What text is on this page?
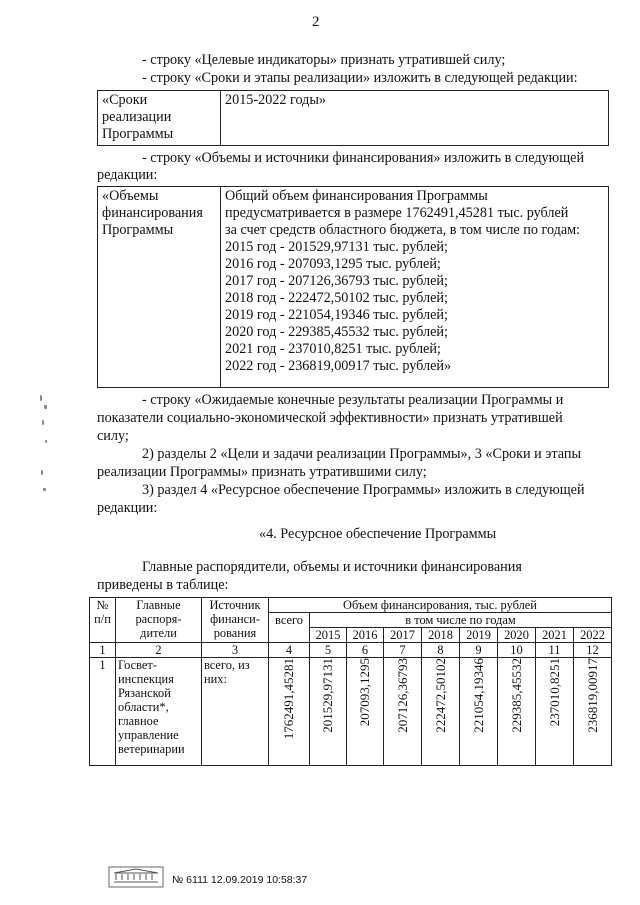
2
- строку «Целевые индикаторы» признать утратившей силу;
- строку «Сроки и этапы реализации» изложить в следующей редакции:
«Сроки
реализации
Программы
	2015-2022 годы»
- строку «Объемы и источники финансирования» изложить в следующей
редакции:
«Объемы
финансирования
Программы

Общий объем финансирования Программы
предусматривается в размере 1762491,45281 тыс. рублей
за счет средств областного бюджета, в том числе по годам:
2015 год - 201529,97131 тыс. рублей;
2016 год - 207093,1295 тыс. рублей;
2017 год - 207126,36793 тыс. рублей;
2018 год - 222472,50102 тыс. рублей;
2019 год - 221054,19346 тыс. рублей;
2020 год - 229385,45532 тыс. рублей;
2021 год - 237010,8251 тыс. рублей;
2022 год - 236819,00917 тыс. рублей»
- строку «Ожидаемые конечные результаты реализации Программы и
показатели социально-экономической эффективности» признать утратившей
силу;
2) разделы 2 «Цели и задачи реализации Программы», 3 «Сроки и этапы
реализации Программы» признать утратившими силу;
3) раздел 4 «Ресурсное обеспечение Программы» изложить в следующей
редакции:
«4. Ресурсное обеспечение Программы
Главные распорядители, объемы и источники финансирования
приведены в таблице:
№ п/п	Главные распоря-дители	Источник финанси-рования	Объем финансирования, тыс. рублей								
			всего	в том числе по годам							
				2015	2016	2017	2018	2019	2020	2021	2022
1	2	3	4	5	6	7	8	9	10	11	12
1	Госвет-инспекция Рязанской области*, главное управление ветеринарии	всего, из них:	1762491,45281	201529,97131	207093,1295	207126,36793	222472,50102	221054,19346	229385,45532	237010,8251	236819,00917
№ 6111 12.09.2019 10:58:37
